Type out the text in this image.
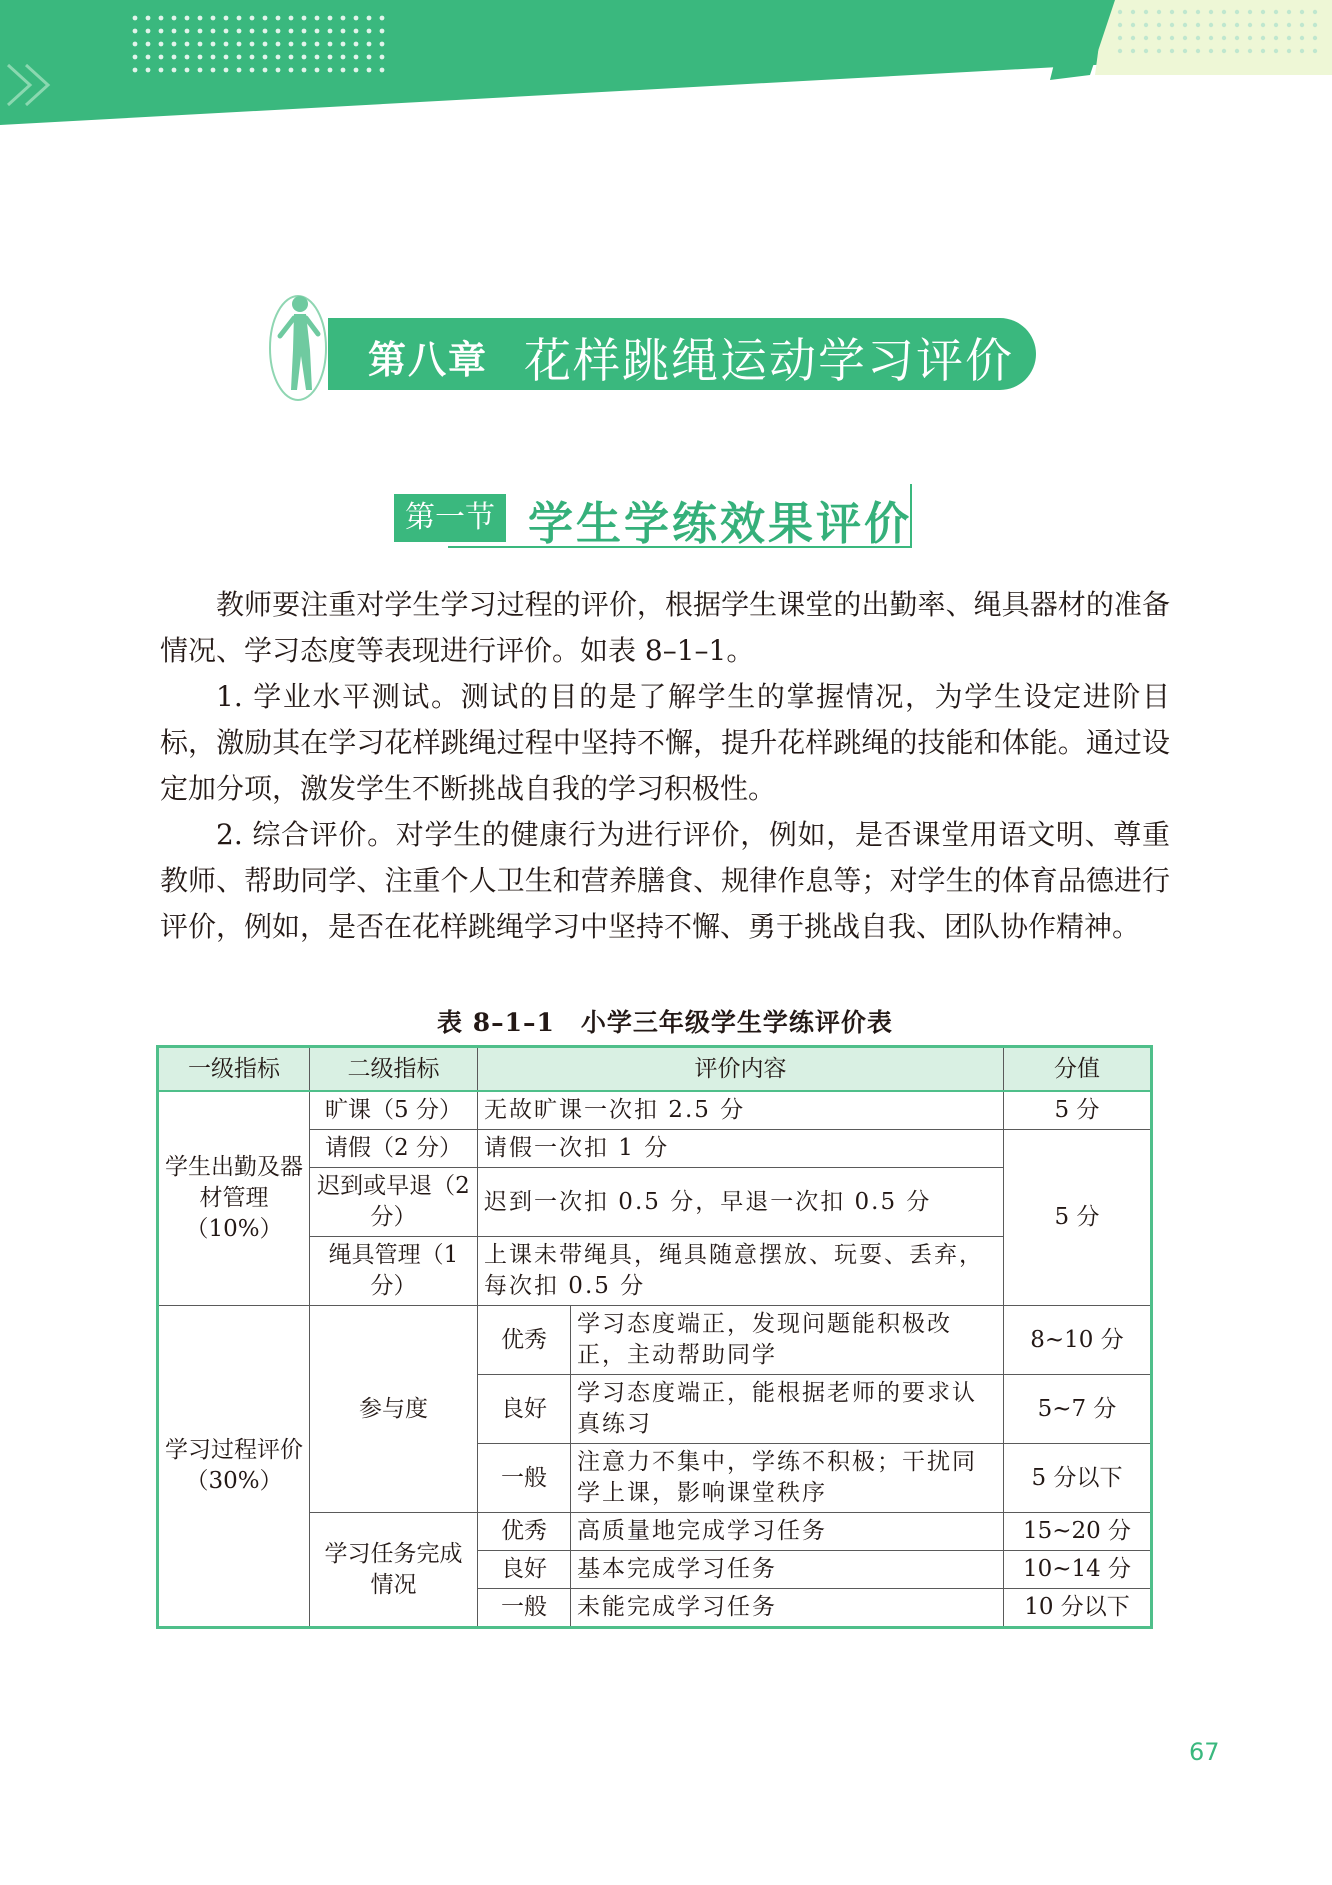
第八章 花样跳绳运动学习评价
第一节 学生学练效果评价

教师要注重对学生学习过程的评价，根据学生课堂的出勤率、绳具器材的准备情况、学习态度等表现进行评价。如表 8–1–1。

1. 学业水平测试。测试的目的是了解学生的掌握情况，为学生设定进阶目标，激励其在学习花样跳绳过程中坚持不懈，提升花样跳绳的技能和体能。通过设定加分项，激发学生不断挑战自我的学习积极性。

2. 综合评价。对学生的健康行为进行评价，例如，是否课堂用语文明、尊重教师、帮助同学、注重个人卫生和营养膳食、规律作息等；对学生的体育品德进行评价，例如，是否在花样跳绳学习中坚持不懈、勇于挑战自我、团队协作精神。

表 8–1–1　小学三年级学生学练评价表
一级指标	二级指标	评价内容		分值
学生出勤及器材管理（10%）	旷课（5 分）	无故旷课一次扣 2.5 分		5 分
	请假（2 分）	请假一次扣 1 分		5 分
	迟到或早退（2 分）	迟到一次扣 0.5 分，早退一次扣 0.5 分		
	绳具管理（1 分）	上课未带绳具，绳具随意摆放、玩耍、丢弃，每次扣 0.5 分		
学习过程评价（30%）	参与度	优秀	学习态度端正，发现问题能积极改正，主动帮助同学	8~10 分
		良好	学习态度端正，能根据老师的要求认真练习	5~7 分
		一般	注意力不集中，学练不积极；干扰同学上课，影响课堂秩序	5 分以下
	学习任务完成情况	优秀	高质量地完成学习任务	15~20 分
		良好	基本完成学习任务	10~14 分
		一般	未能完成学习任务	10 分以下
67
